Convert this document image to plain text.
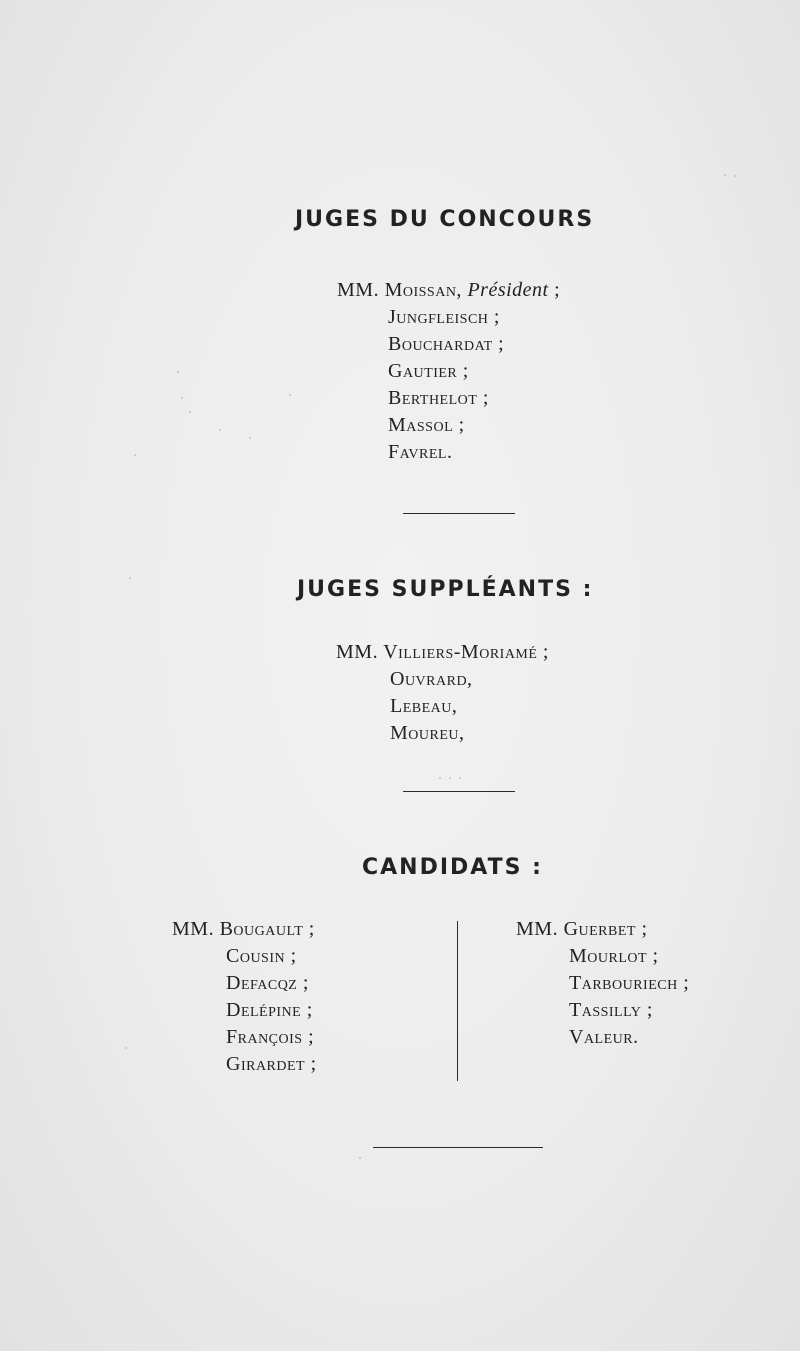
JUGES DU CONCOURS
MM. Moissan, Président ;
Jungfleisch ;
Bouchardat ;
Gautier ;
Berthelot ;
Massol ;
Favrel.
JUGES SUPPLÉANTS :
MM. Villiers-Moriamé ;
Ouvrard,
Lebeau,
Moureu,
CANDIDATS :
MM. Bougault ;
Cousin ;
Defacqz ;
Delépine ;
François ;
Girardet ;
MM. Guerbet ;
Mourlot ;
Tarbouriech ;
Tassilly ;
Valeur.
